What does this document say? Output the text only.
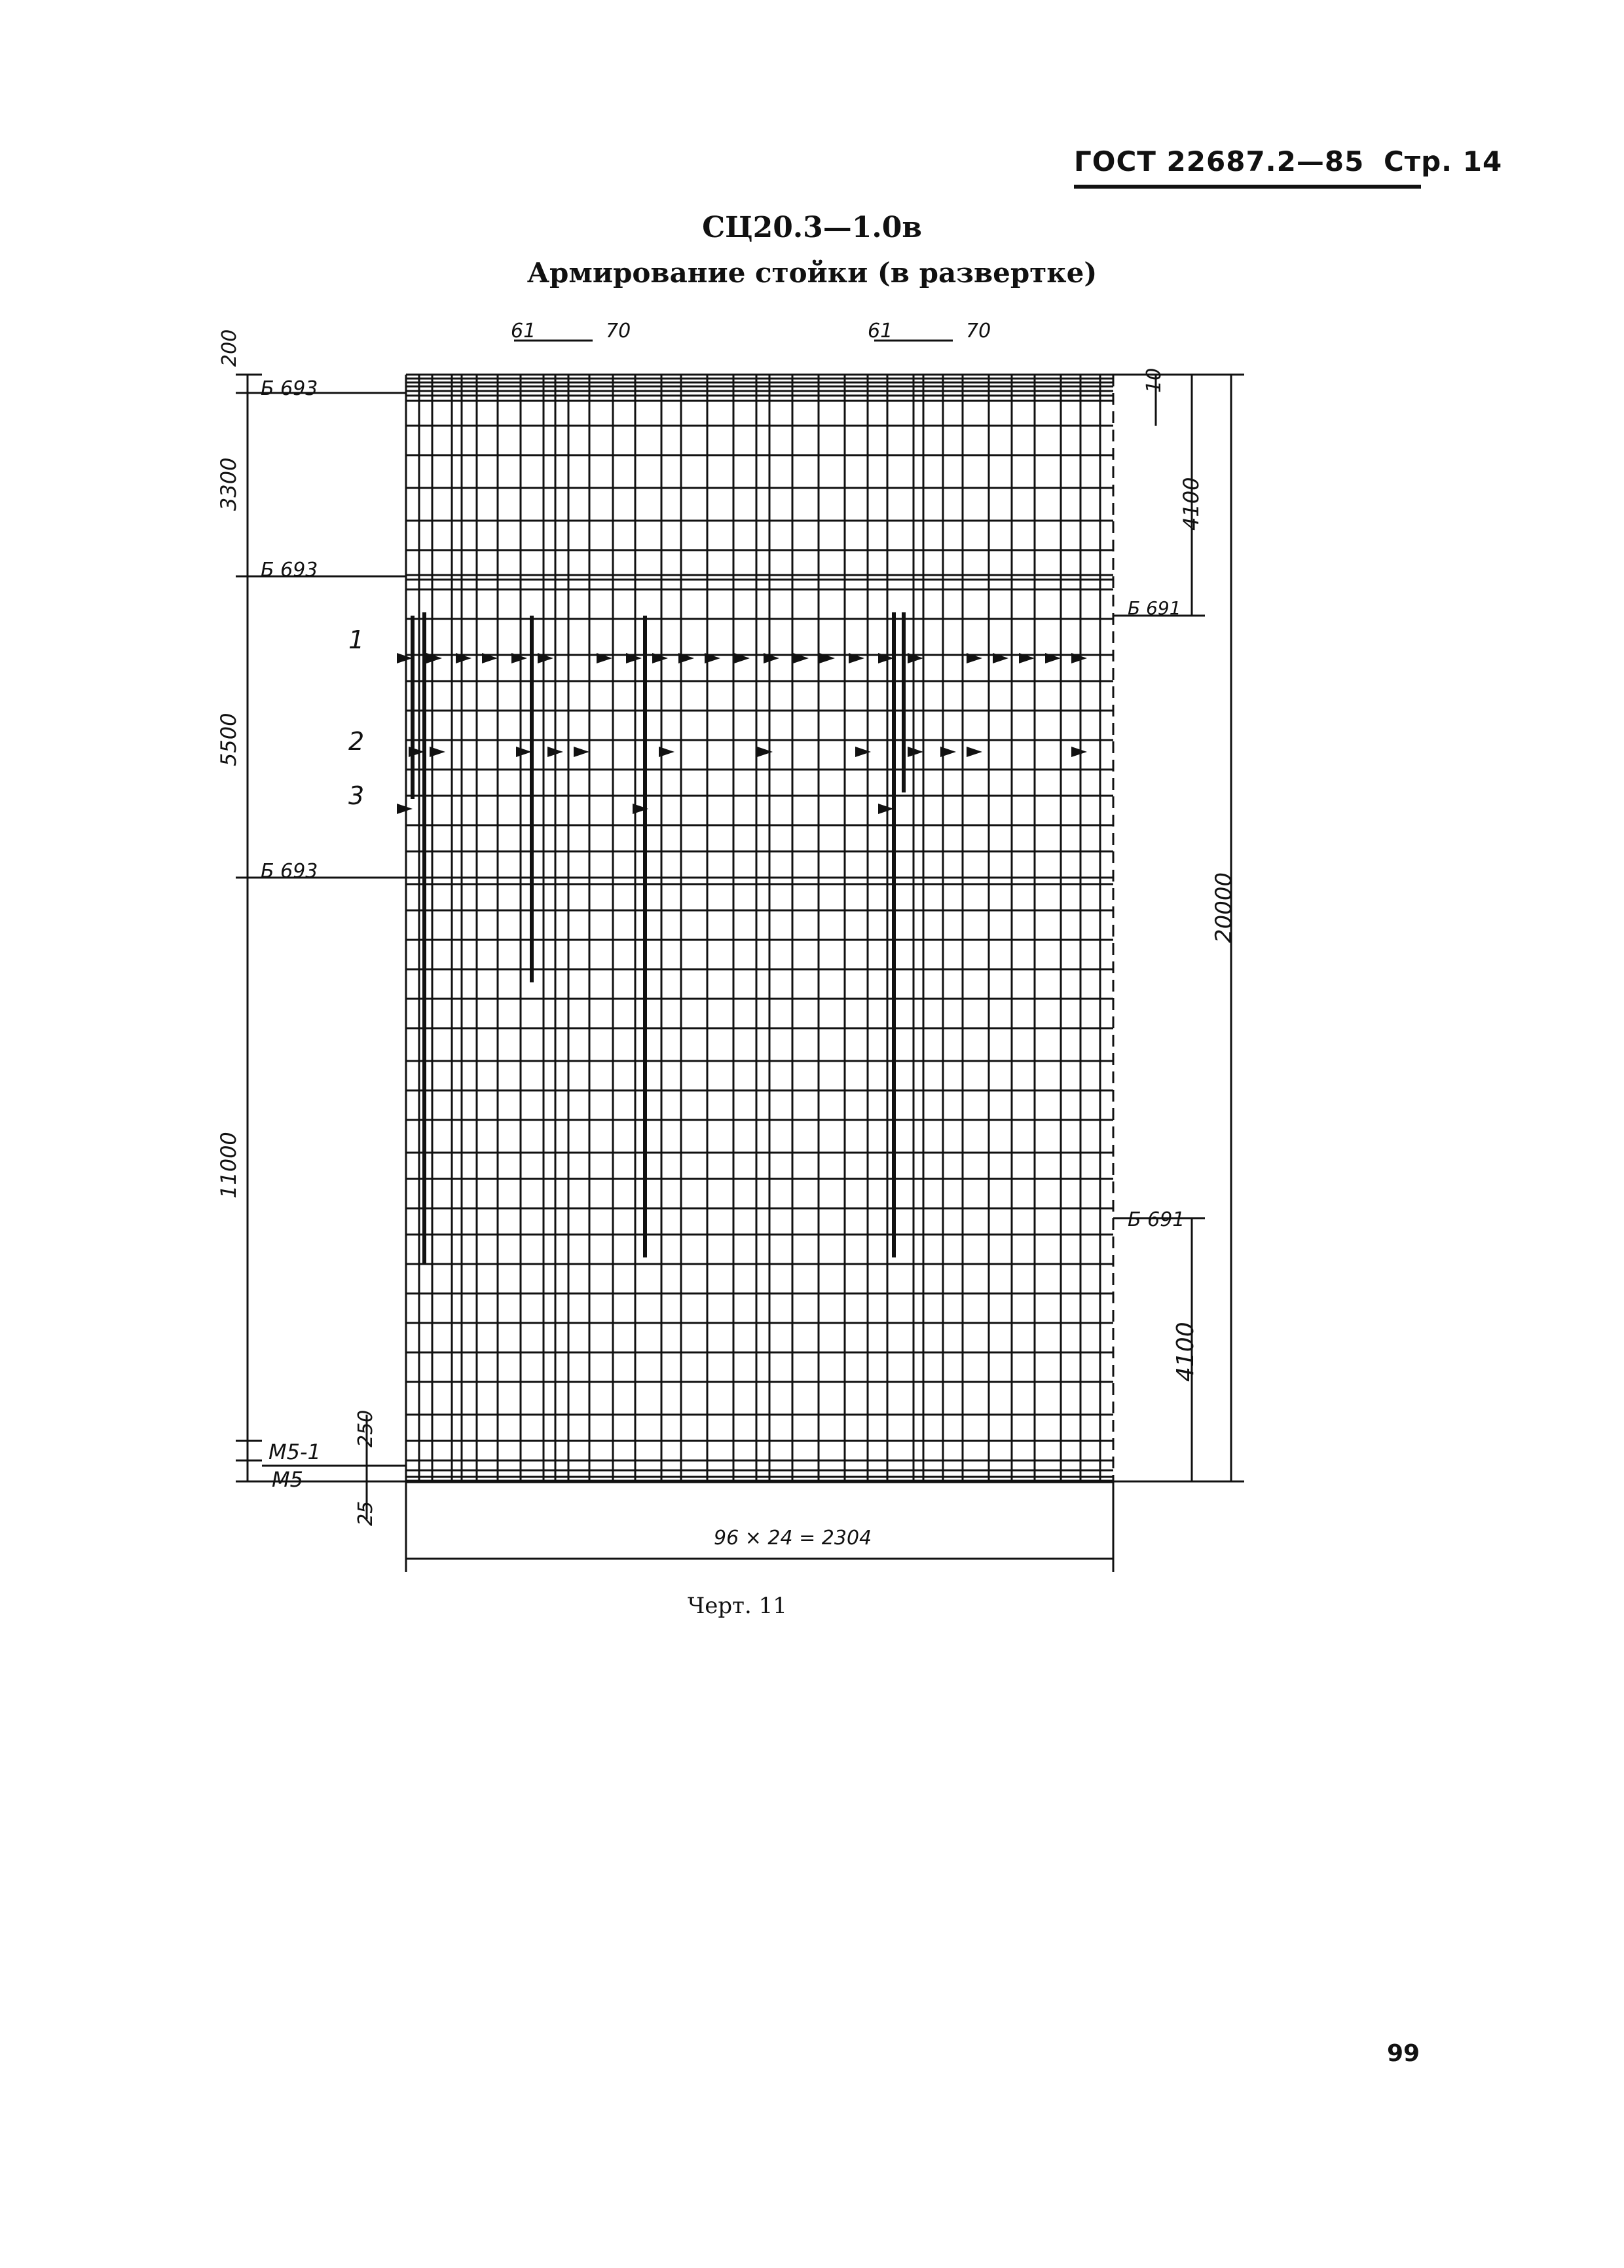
ГОСТ 22687.2—85 Стр. 14
СЦ20.3—1.0в
Армирование стойки (в развертке)
61	70	61	70
200
3300
5500
11000
250
25
Б 693
Б 693
Б 693
М5-1
М5
Б 691
Б 691
10
4100
20000
4100
1
2
3
96 × 24 = 2304
Черт. 11
99
